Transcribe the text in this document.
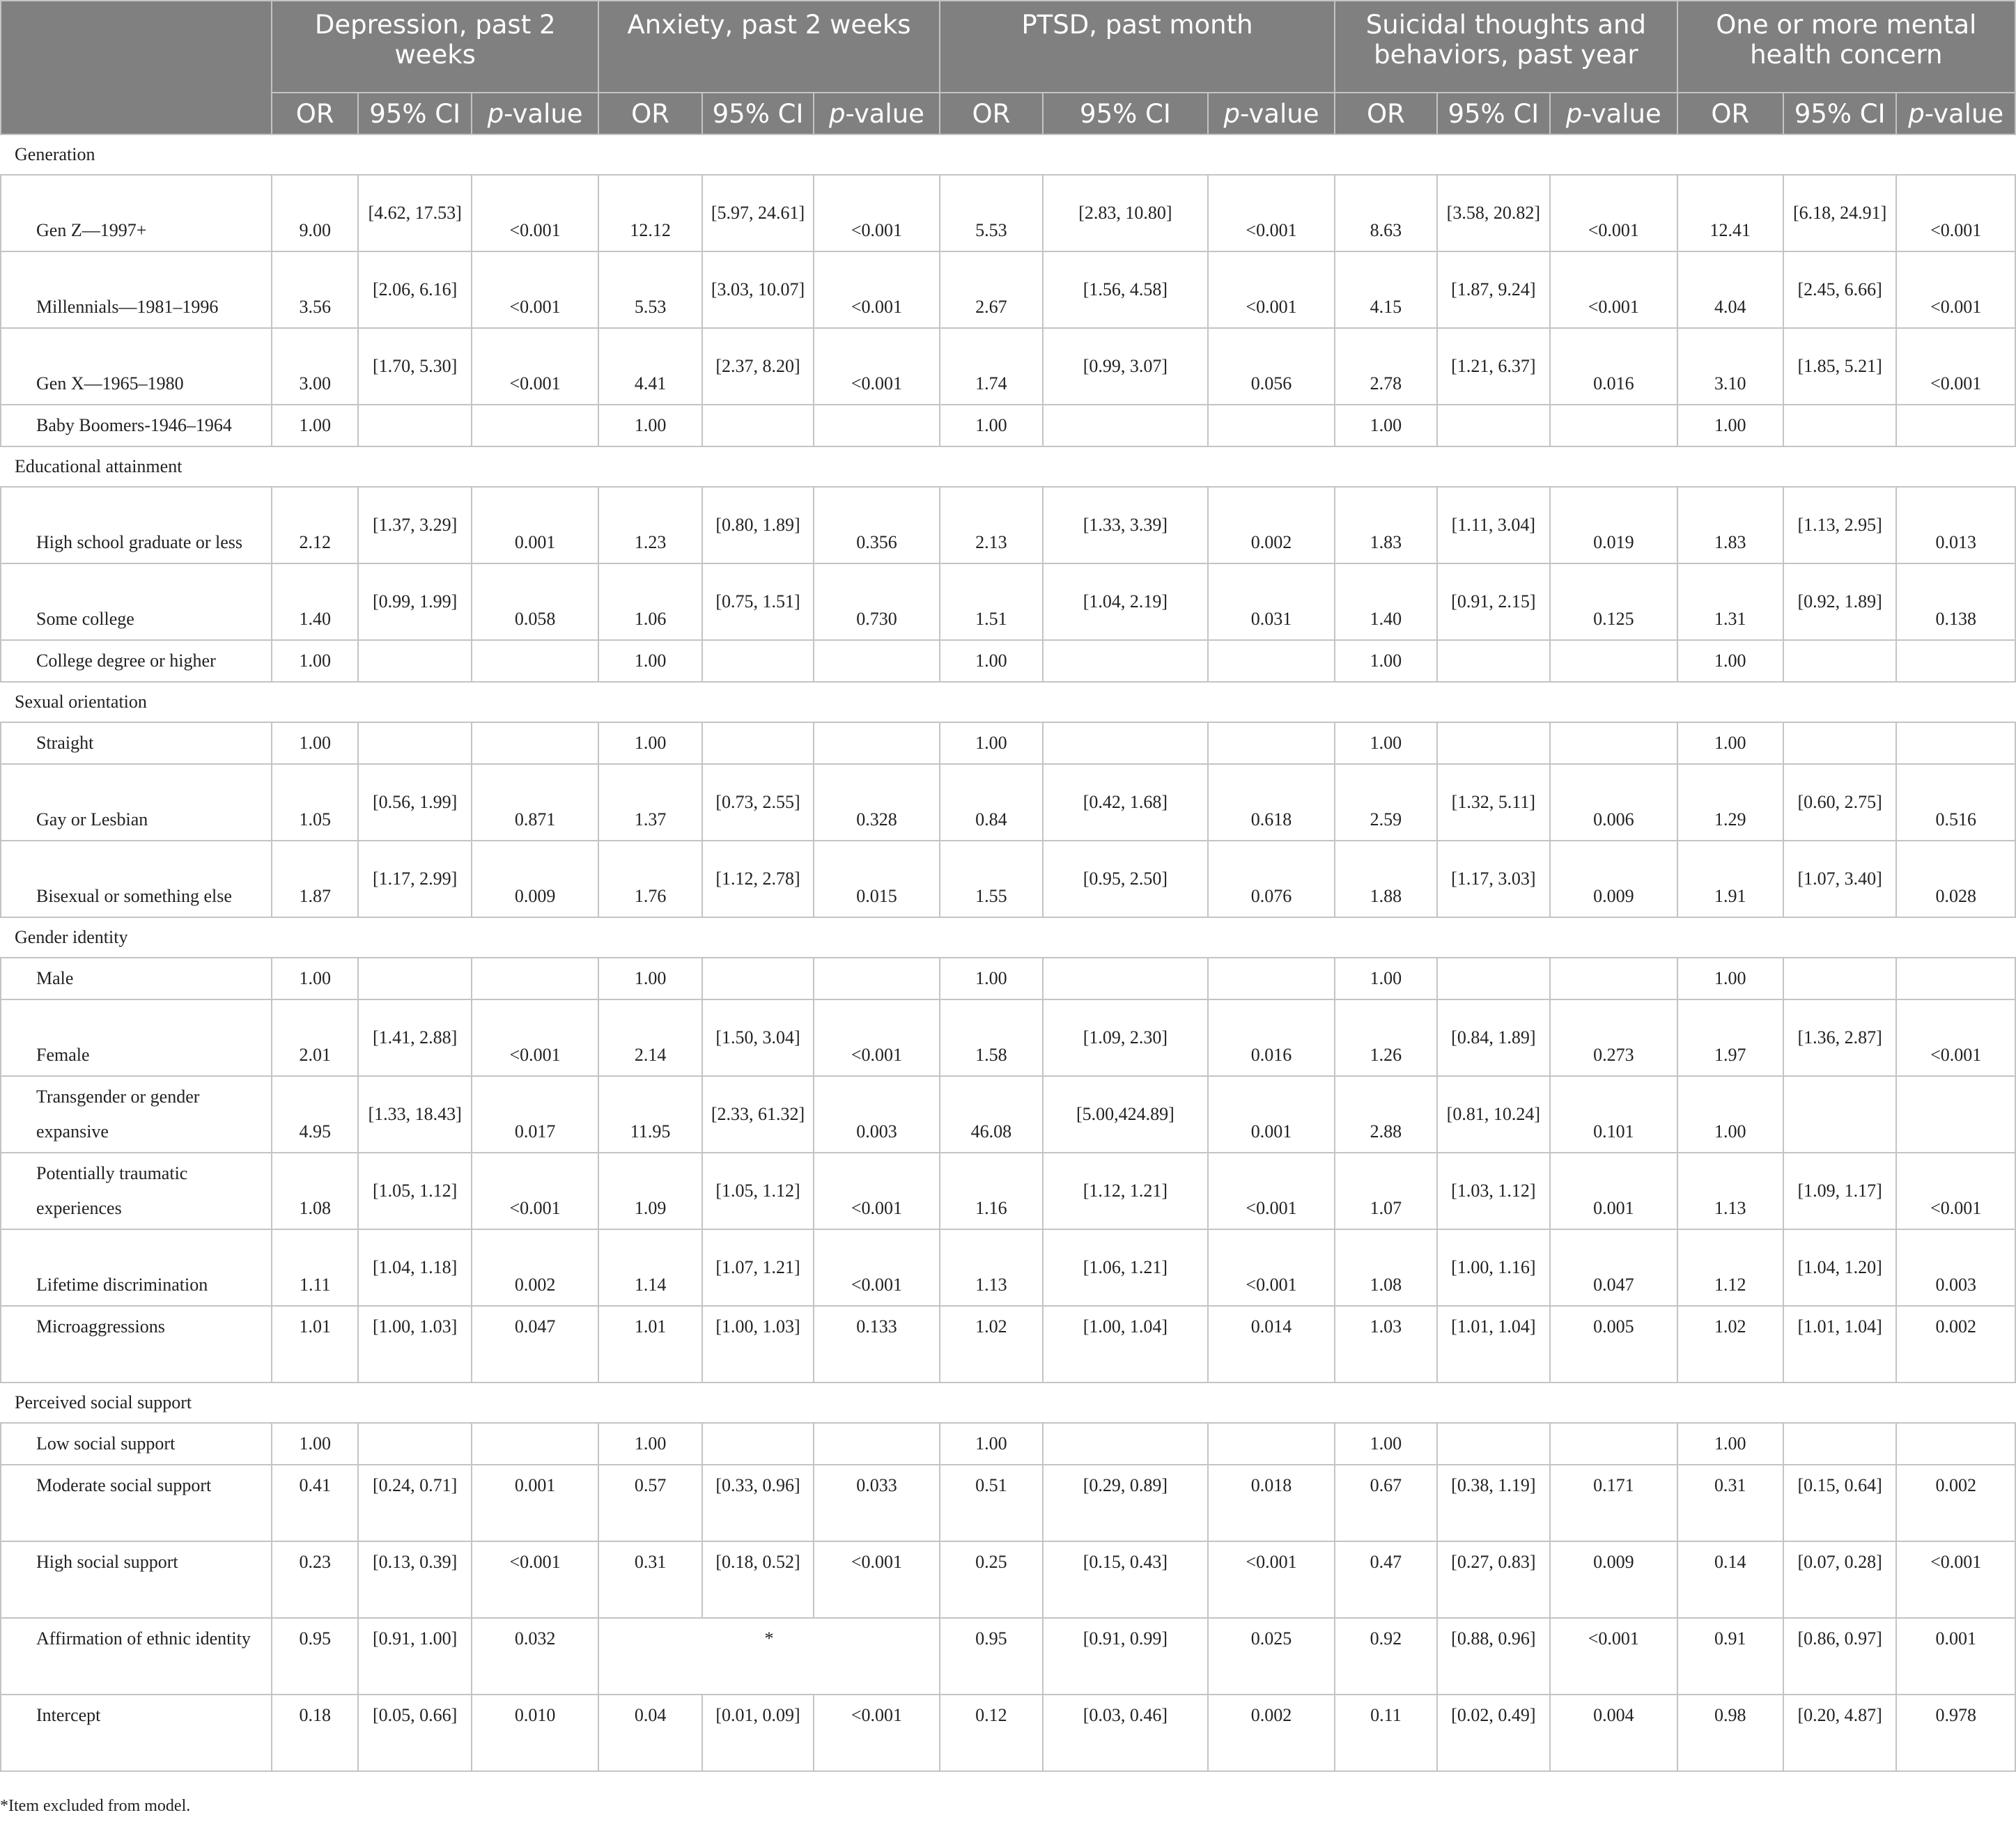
	Depression, past 2 weeks			Anxiety, past 2 weeks			PTSD, past month			Suicidal thoughts and behaviors, past year			One or more mental health concern		
	OR	95% CI	p-value	OR	95% CI	p-value	OR	95% CI	p-value	OR	95% CI	p-value	OR	95% CI	p-value
Generation															
Gen Z—1997+	9.00	[4.62, 17.53]	<0.001	12.12	[5.97, 24.61]	<0.001	5.53	[2.83, 10.80]	<0.001	8.63	[3.58, 20.82]	<0.001	12.41	[6.18, 24.91]	<0.001
Millennials—1981–1996	3.56	[2.06, 6.16]	<0.001	5.53	[3.03, 10.07]	<0.001	2.67	[1.56, 4.58]	<0.001	4.15	[1.87, 9.24]	<0.001	4.04	[2.45, 6.66]	<0.001
Gen X—1965–1980	3.00	[1.70, 5.30]	<0.001	4.41	[2.37, 8.20]	<0.001	1.74	[0.99, 3.07]	0.056	2.78	[1.21, 6.37]	0.016	3.10	[1.85, 5.21]	<0.001
Baby Boomers-1946–1964	1.00			1.00			1.00			1.00			1.00		
Educational attainment															
High school graduate or less	2.12	[1.37, 3.29]	0.001	1.23	[0.80, 1.89]	0.356	2.13	[1.33, 3.39]	0.002	1.83	[1.11, 3.04]	0.019	1.83	[1.13, 2.95]	0.013
Some college	1.40	[0.99, 1.99]	0.058	1.06	[0.75, 1.51]	0.730	1.51	[1.04, 2.19]	0.031	1.40	[0.91, 2.15]	0.125	1.31	[0.92, 1.89]	0.138
College degree or higher	1.00			1.00			1.00			1.00			1.00		
Sexual orientation															
Straight	1.00			1.00			1.00			1.00			1.00		
Gay or Lesbian	1.05	[0.56, 1.99]	0.871	1.37	[0.73, 2.55]	0.328	0.84	[0.42, 1.68]	0.618	2.59	[1.32, 5.11]	0.006	1.29	[0.60, 2.75]	0.516
Bisexual or something else	1.87	[1.17, 2.99]	0.009	1.76	[1.12, 2.78]	0.015	1.55	[0.95, 2.50]	0.076	1.88	[1.17, 3.03]	0.009	1.91	[1.07, 3.40]	0.028
Gender identity															
Male	1.00			1.00			1.00			1.00			1.00		
Female	2.01	[1.41, 2.88]	<0.001	2.14	[1.50, 3.04]	<0.001	1.58	[1.09, 2.30]	0.016	1.26	[0.84, 1.89]	0.273	1.97	[1.36, 2.87]	<0.001
Transgender or gender expansive	4.95	[1.33, 18.43]	0.017	11.95	[2.33, 61.32]	0.003	46.08	[5.00,424.89]	0.001	2.88	[0.81, 10.24]	0.101	1.00		
Potentially traumatic experiences	1.08	[1.05, 1.12]	<0.001	1.09	[1.05, 1.12]	<0.001	1.16	[1.12, 1.21]	<0.001	1.07	[1.03, 1.12]	0.001	1.13	[1.09, 1.17]	<0.001
Lifetime discrimination	1.11	[1.04, 1.18]	0.002	1.14	[1.07, 1.21]	<0.001	1.13	[1.06, 1.21]	<0.001	1.08	[1.00, 1.16]	0.047	1.12	[1.04, 1.20]	0.003
Microaggressions	1.01	[1.00, 1.03]	0.047	1.01	[1.00, 1.03]	0.133	1.02	[1.00, 1.04]	0.014	1.03	[1.01, 1.04]	0.005	1.02	[1.01, 1.04]	0.002
Perceived social support															
Low social support	1.00			1.00			1.00			1.00			1.00		
Moderate social support	0.41	[0.24, 0.71]	0.001	0.57	[0.33, 0.96]	0.033	0.51	[0.29, 0.89]	0.018	0.67	[0.38, 1.19]	0.171	0.31	[0.15, 0.64]	0.002
High social support	0.23	[0.13, 0.39]	<0.001	0.31	[0.18, 0.52]	<0.001	0.25	[0.15, 0.43]	<0.001	0.47	[0.27, 0.83]	0.009	0.14	[0.07, 0.28]	<0.001
Affirmation of ethnic identity	0.95	[0.91, 1.00]	0.032	*			0.95	[0.91, 0.99]	0.025	0.92	[0.88, 0.96]	<0.001	0.91	[0.86, 0.97]	0.001
Intercept	0.18	[0.05, 0.66]	0.010	0.04	[0.01, 0.09]	<0.001	0.12	[0.03, 0.46]	0.002	0.11	[0.02, 0.49]	0.004	0.98	[0.20, 4.87]	0.978
*Item excluded from model.
